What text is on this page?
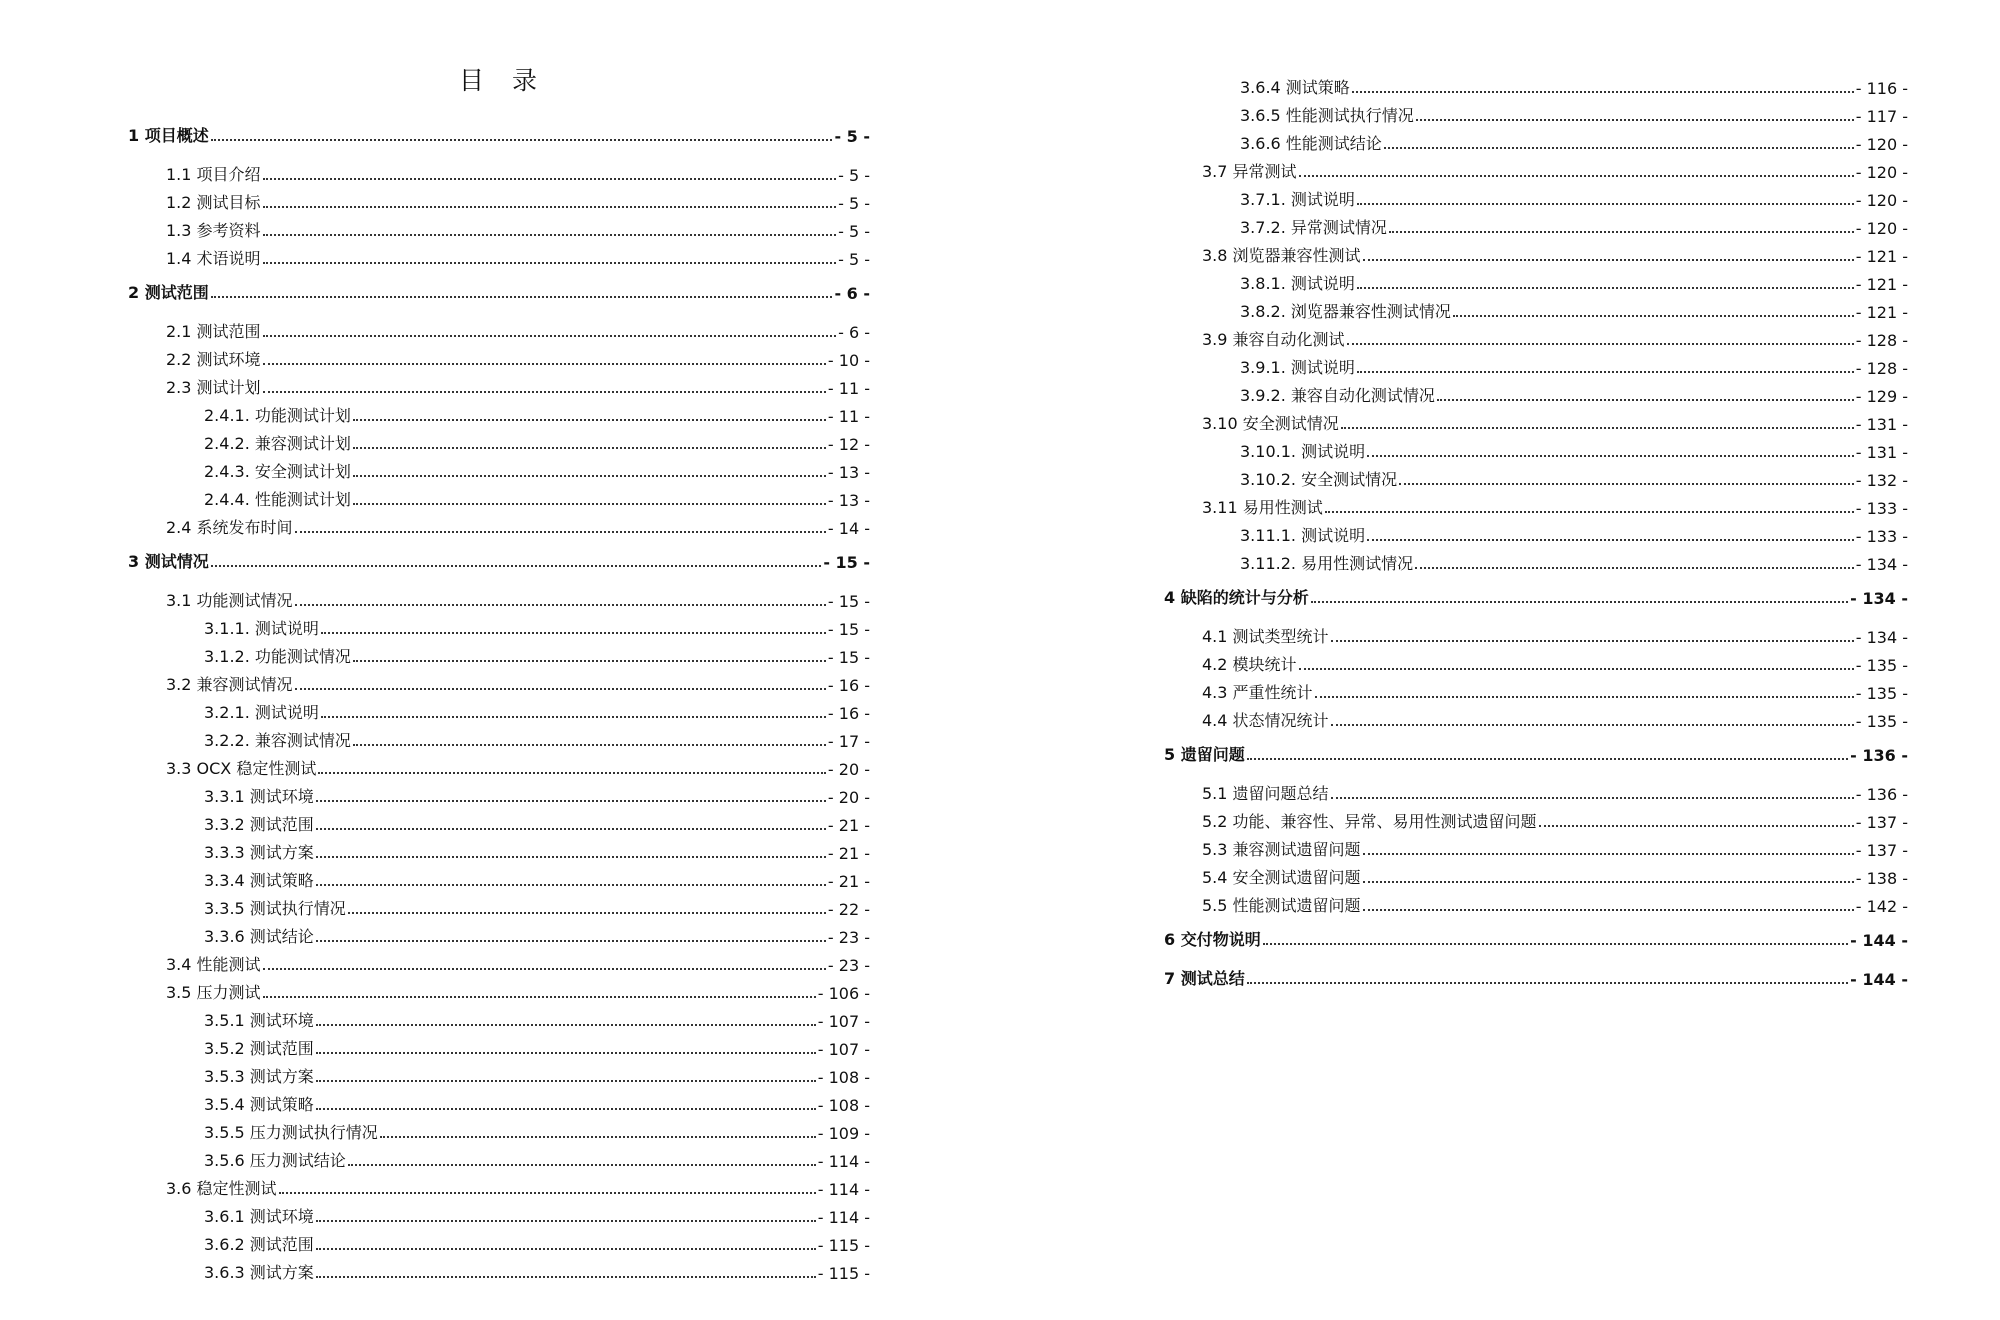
目 录
1 项目概述	- 5 -
1.1 项目介绍	- 5 -
1.2 测试目标	- 5 -
1.3 参考资料	- 5 -
1.4 术语说明	- 5 -
2 测试范围	- 6 -
2.1 测试范围	- 6 -
2.2 测试环境	- 10 -
2.3 测试计划	- 11 -
2.4.1. 功能测试计划	- 11 -
2.4.2. 兼容测试计划	- 12 -
2.4.3. 安全测试计划	- 13 -
2.4.4. 性能测试计划	- 13 -
2.4 系统发布时间	- 14 -
3 测试情况	- 15 -
3.1 功能测试情况	- 15 -
3.1.1. 测试说明	- 15 -
3.1.2. 功能测试情况	- 15 -
3.2 兼容测试情况	- 16 -
3.2.1. 测试说明	- 16 -
3.2.2. 兼容测试情况	- 17 -
3.3 OCX 稳定性测试	- 20 -
3.3.1 测试环境	- 20 -
3.3.2 测试范围	- 21 -
3.3.3 测试方案	- 21 -
3.3.4 测试策略	- 21 -
3.3.5 测试执行情况	- 22 -
3.3.6 测试结论	- 23 -
3.4 性能测试	- 23 -
3.5 压力测试	- 106 -
3.5.1 测试环境	- 107 -
3.5.2 测试范围	- 107 -
3.5.3 测试方案	- 108 -
3.5.4 测试策略	- 108 -
3.5.5 压力测试执行情况	- 109 -
3.5.6 压力测试结论	- 114 -
3.6 稳定性测试	- 114 -
3.6.1 测试环境	- 114 -
3.6.2 测试范围	- 115 -
3.6.3 测试方案	- 115 -
3.6.4 测试策略	- 116 -
3.6.5 性能测试执行情况	- 117 -
3.6.6 性能测试结论	- 120 -
3.7 异常测试	- 120 -
3.7.1. 测试说明	- 120 -
3.7.2. 异常测试情况	- 120 -
3.8 浏览器兼容性测试	- 121 -
3.8.1. 测试说明	- 121 -
3.8.2. 浏览器兼容性测试情况	- 121 -
3.9 兼容自动化测试	- 128 -
3.9.1. 测试说明	- 128 -
3.9.2. 兼容自动化测试情况	- 129 -
3.10 安全测试情况	- 131 -
3.10.1. 测试说明	- 131 -
3.10.2. 安全测试情况	- 132 -
3.11 易用性测试	- 133 -
3.11.1. 测试说明	- 133 -
3.11.2. 易用性测试情况	- 134 -
4 缺陷的统计与分析	- 134 -
4.1 测试类型统计	- 134 -
4.2 模块统计	- 135 -
4.3 严重性统计	- 135 -
4.4 状态情况统计	- 135 -
5 遗留问题	- 136 -
5.1 遗留问题总结	- 136 -
5.2 功能、兼容性、异常、易用性测试遗留问题	- 137 -
5.3 兼容测试遗留问题	- 137 -
5.4 安全测试遗留问题	- 138 -
5.5 性能测试遗留问题	- 142 -
6 交付物说明	- 144 -
7 测试总结	- 144 -
